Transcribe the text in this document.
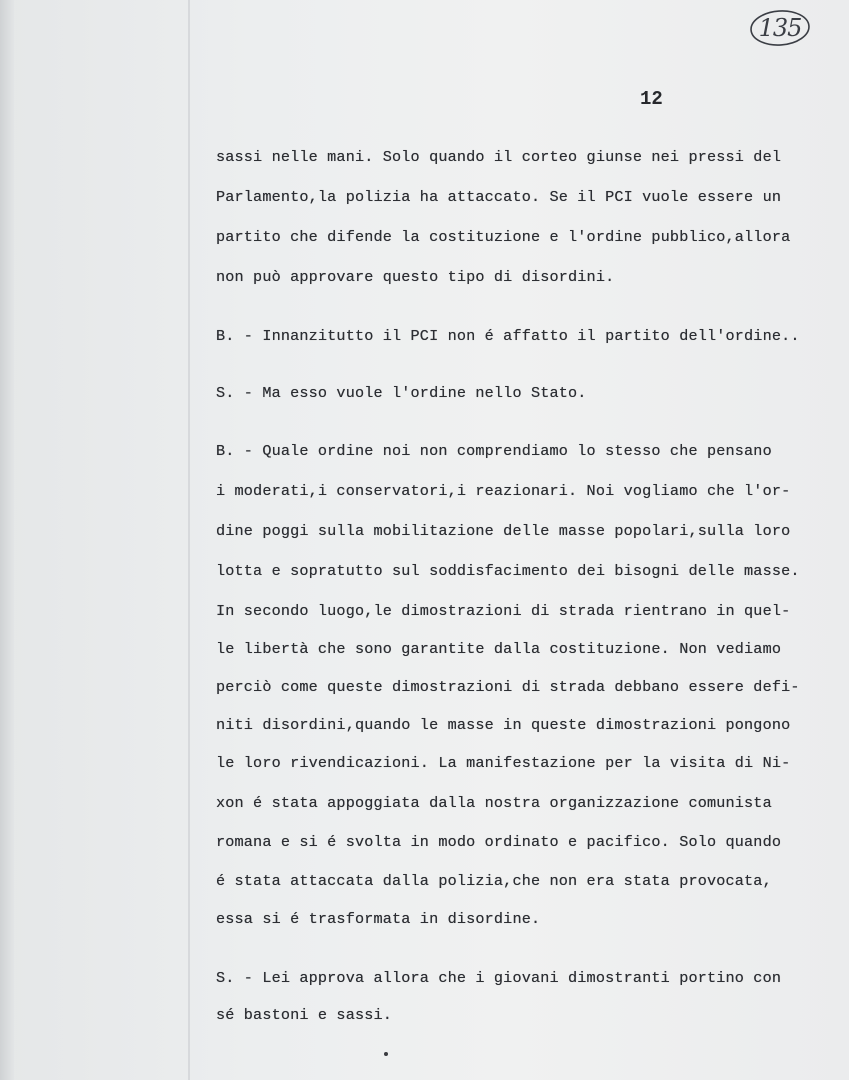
135
12
sassi nelle mani. Solo quando il corteo giunse nei pressi del
Parlamento,la polizia ha attaccato. Se il PCI vuole essere un
partito che difende la costituzione e l'ordine pubblico,allora
non può approvare questo tipo di disordini.
B. - Innanzitutto il PCI non é affatto il partito dell'ordine..
S. - Ma esso vuole l'ordine nello Stato.
B. - Quale ordine noi non comprendiamo lo stesso che pensano
i moderati,i conservatori,i reazionari. Noi vogliamo che l'or-
dine poggi sulla mobilitazione delle masse popolari,sulla loro
lotta e sopratutto sul soddisfacimento dei bisogni delle masse.
In secondo luogo,le dimostrazioni di strada rientrano in quel-
le libertà che sono garantite dalla costituzione. Non vediamo
perciò come queste dimostrazioni di strada debbano essere defi-
niti disordini,quando le masse in queste dimostrazioni pongono
le loro rivendicazioni. La manifestazione per la visita di Ni-
xon é stata appoggiata dalla nostra organizzazione comunista
romana e si é svolta in modo ordinato e pacifico. Solo quando
é stata attaccata dalla polizia,che non era stata provocata,
essa si é trasformata in disordine.
S. - Lei approva allora che i giovani dimostranti portino con
sé bastoni e sassi.
